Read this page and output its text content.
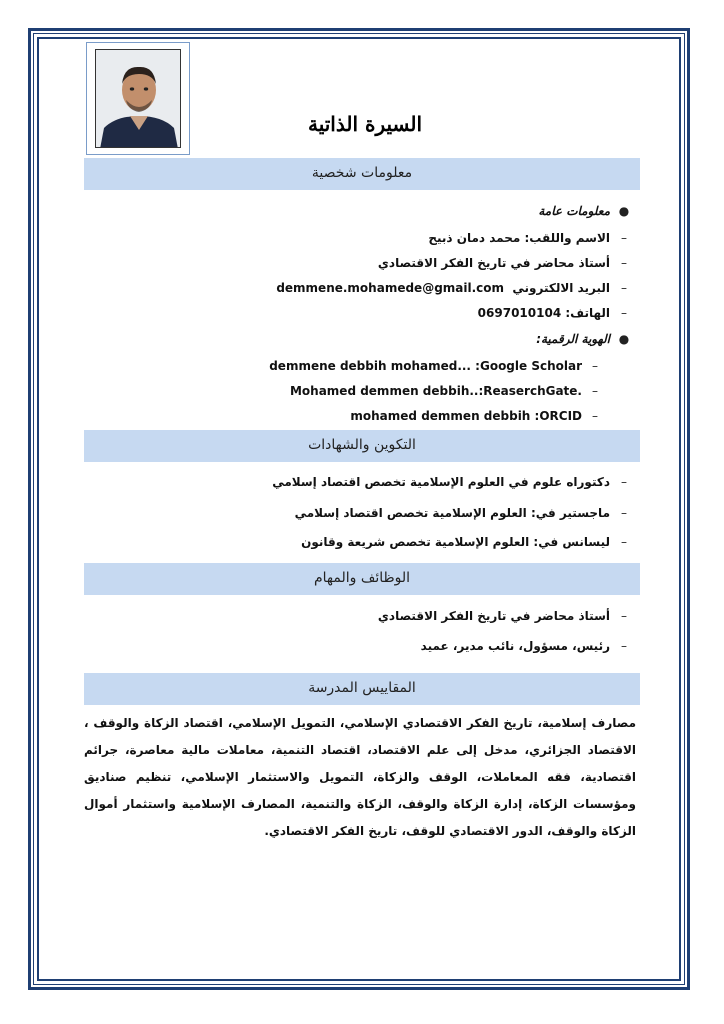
السيرة الذاتية
معلومات شخصية
●معلومات عامة
–الاسم واللقب: محمد دمان ذبيح
–أستاذ محاضر في تاريخ الفكر الاقتصادي
–البريد الالكتروني  demmene.mohamede@gmail.com
–الهاتف: 0697010104
●الهوية الرقمية:
–demmene debbih mohamed... :Google Scholar
–Mohamed demmen debbih..:ReaserchGate.
–mohamed demmen debbih :ORCID
التكوين والشهادات
–دكتوراه علوم في العلوم الإسلامية تخصص اقتصاد إسلامي
–ماجستير في: العلوم الإسلامية تخصص اقتصاد إسلامي
–ليسانس في: العلوم الإسلامية تخصص شريعة وقانون
الوظائف والمهام
–أستاذ محاضر في تاريخ الفكر الاقتصادي
–رئيس، مسؤول، نائب مدير، عميد
المقاييس المدرسة
مصارف إسلامية، تاريخ الفكر الاقتصادي الإسلامي، التمويل الإسلامي، اقتصاد الزكاة والوقف ، الاقتصاد الجزائري، مدخل إلى علم الاقتصاد، اقتصاد التنمية، معاملات مالية معاصرة، جرائم اقتصادية، فقه المعاملات، الوقف والزكاة، التمويل والاستثمار الإسلامي، تنظيم صناديق ومؤسسات الزكاة، إدارة الزكاة والوقف، الزكاة والتنمية، المصارف الإسلامية واستثمار أموال الزكاة والوقف، الدور الاقتصادي للوقف، تاريخ الفكر الاقتصادي.
